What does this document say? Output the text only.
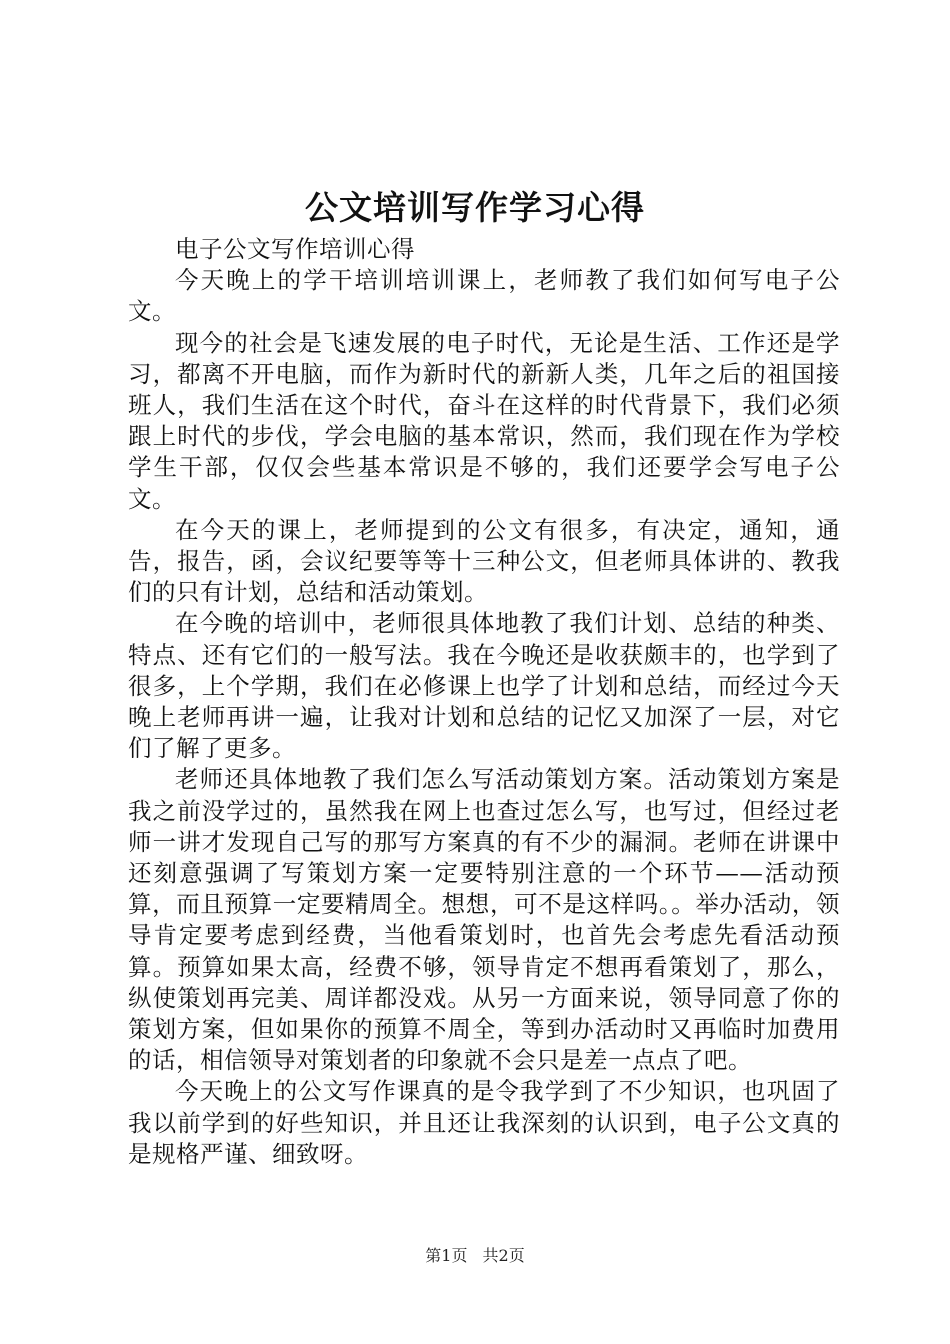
公文培训写作学习心得

电子公文写作培训心得

今天晚上的学干培训培训课上，老师教了我们如何写电子公文。

现今的社会是飞速发展的电子时代，无论是生活、工作还是学习，都离不开电脑，而作为新时代的新新人类，几年之后的祖国接班人，我们生活在这个时代，奋斗在这样的时代背景下，我们必须跟上时代的步伐，学会电脑的基本常识，然而，我们现在作为学校学生干部，仅仅会些基本常识是不够的，我们还要学会写电子公文。

在今天的课上，老师提到的公文有很多，有决定，通知，通告，报告，函，会议纪要等等十三种公文，但老师具体讲的、教我们的只有计划，总结和活动策划。

在今晚的培训中，老师很具体地教了我们计划、总结的种类、特点、还有它们的一般写法。我在今晚还是收获颇丰的，也学到了很多，上个学期，我们在必修课上也学了计划和总结，而经过今天晚上老师再讲一遍，让我对计划和总结的记忆又加深了一层，对它们了解了更多。

老师还具体地教了我们怎么写活动策划方案。活动策划方案是我之前没学过的，虽然我在网上也查过怎么写，也写过，但经过老师一讲才发现自己写的那写方案真的有不少的漏洞。老师在讲课中还刻意强调了写策划方案一定要特别注意的一个环节——活动预算，而且预算一定要精周全。想想，可不是这样吗。。举办活动，领导肯定要考虑到经费，当他看策划时，也首先会考虑先看活动预算。预算如果太高，经费不够，领导肯定不想再看策划了，那么，纵使策划再完美、周详都没戏。从另一方面来说，领导同意了你的策划方案，但如果你的预算不周全，等到办活动时又再临时加费用的话，相信领导对策划者的印象就不会只是差一点点了吧。

今天晚上的公文写作课真的是令我学到了不少知识，也巩固了我以前学到的好些知识，并且还让我深刻的认识到，电子公文真的是规格严谨、细致呀。

第1页 共2页
